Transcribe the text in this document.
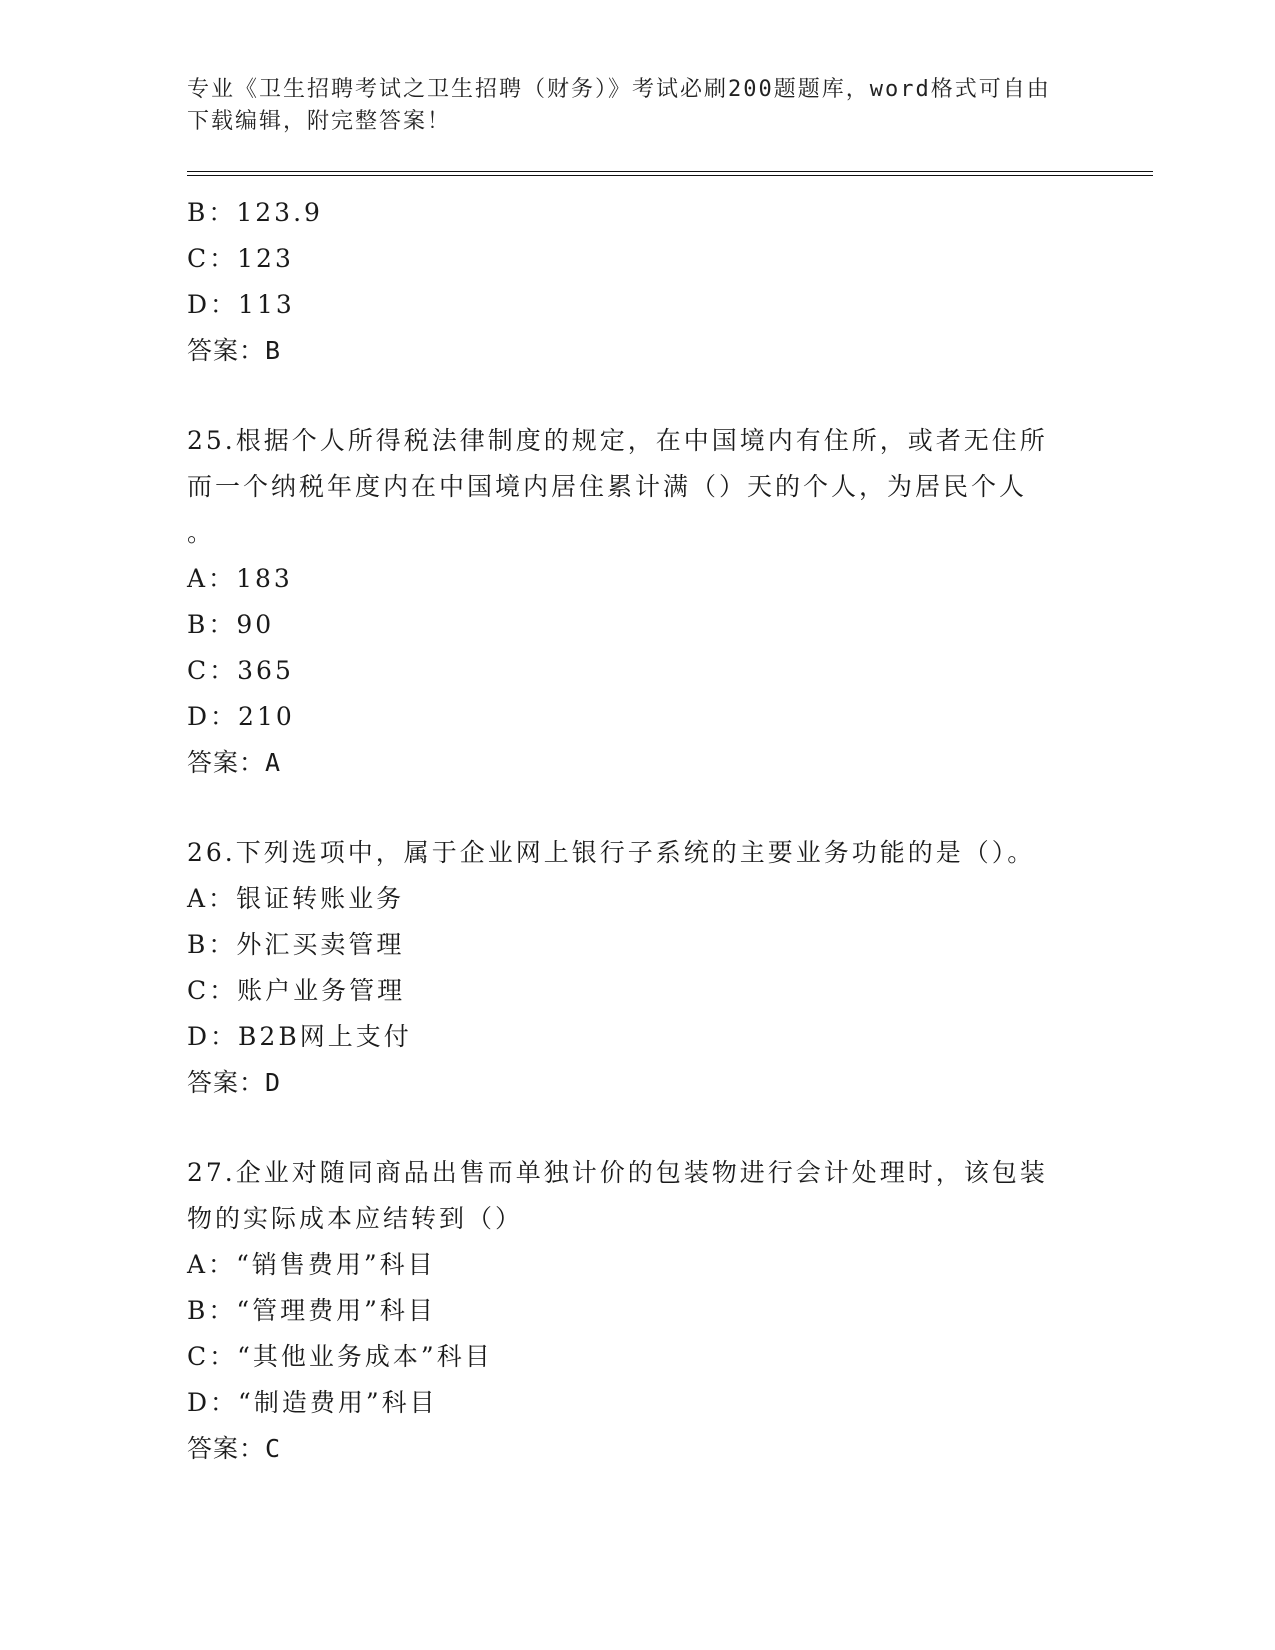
专业《卫生招聘考试之卫生招聘（财务）》考试必刷200题题库，word格式可自由下载编辑，附完整答案！
B：123.9
C：123
D：113
答案：B
25.根据个人所得税法律制度的规定，在中国境内有住所，或者无住所
而一个纳税年度内在中国境内居住累计满（）天的个人，为居民个人
。
A：183
B：90
C：365
D：210
答案：A
26.下列选项中，属于企业网上银行子系统的主要业务功能的是（）。
A：银证转账业务
B：外汇买卖管理
C：账户业务管理
D：B2B网上支付
答案：D
27.企业对随同商品出售而单独计价的包装物进行会计处理时，该包装
物的实际成本应结转到（）
A：“销售费用”科目
B：“管理费用”科目
C：“其他业务成本”科目
D：“制造费用”科目
答案：C
